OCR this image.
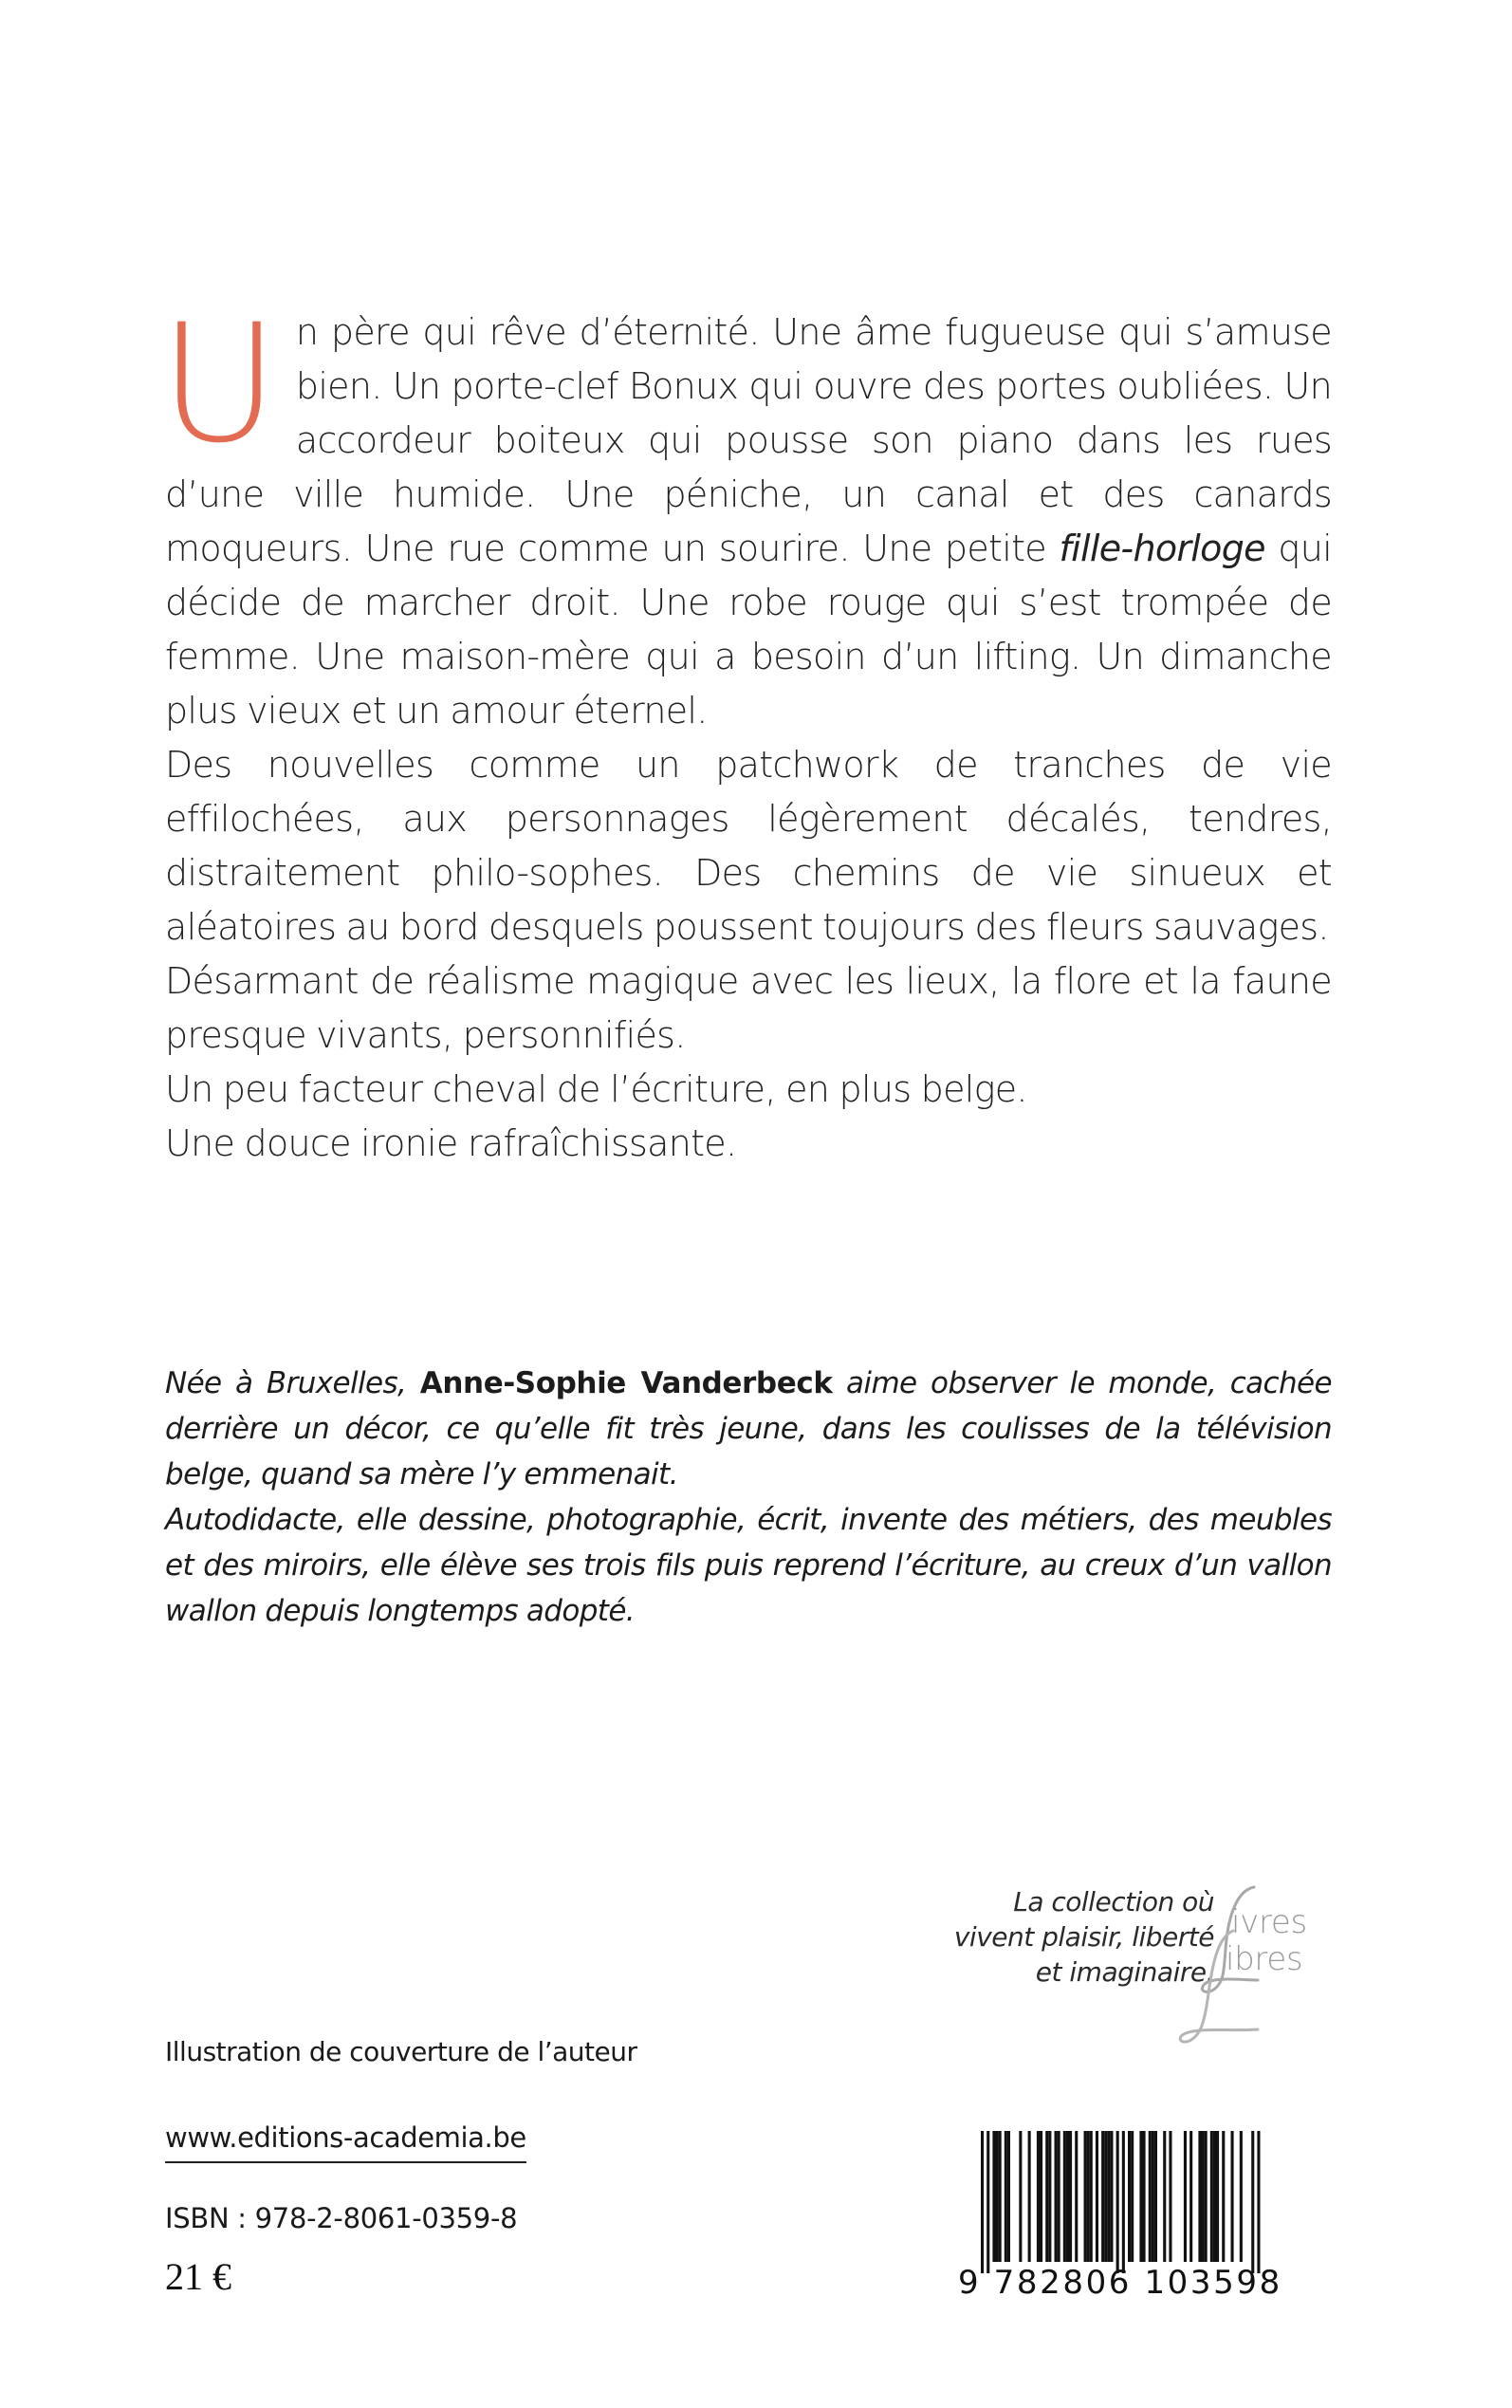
U n père qui rêve d’éternité. Une âme fugueuse qui s’amuse bien. Un porte-clef Bonux qui ouvre des portes oubliées. Un accordeur boiteux qui pousse son piano dans les rues d’une ville humide. Une péniche, un canal et des canards moqueurs. Une rue comme un sourire. Une petite fille-horloge qui décide de marcher droit. Une robe rouge qui s’est trompée de femme. Une maison-mère qui a besoin d’un lifting. Un dimanche plus vieux et un amour éternel.

Des nouvelles comme un patchwork de tranches de vie effilochées, aux personnages légèrement décalés, tendres, distraitement philo-sophes. Des chemins de vie sinueux et aléatoires au bord desquels poussent toujours des fleurs sauvages.

Désarmant de réalisme magique avec les lieux, la flore et la faune presque vivants, personnifiés.

Un peu facteur cheval de l’écriture, en plus belge.

Une douce ironie rafraîchissante.

Née à Bruxelles, Anne-Sophie Vanderbeck aime observer le monde, cachée derrière un décor, ce qu’elle fit très jeune, dans les coulisses de la télévision belge, quand sa mère l’y emmenait.

Autodidacte, elle dessine, photographie, écrit, invente des métiers, des meubles et des miroirs, elle élève ses trois fils puis reprend l’écriture, au creux d’un vallon wallon depuis longtemps adopté.

La collection où
vivent plaisir, liberté
et imaginaire.
ivres
ibres
Illustration de couverture de l’auteur
www.editions-academia.be
ISBN : 978-2-8061-0359-8
21 €	9 782806 103598
